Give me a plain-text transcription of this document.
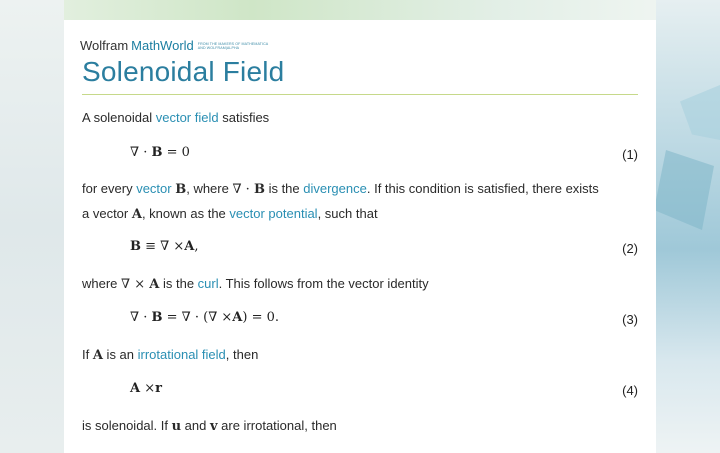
Wolfram MathWorld FROM THE MAKERS OF MATHEMATICA
AND WOLFRAM|ALPHA
Solenoidal Field
A solenoidal vector field satisfies
∇ · B = 0	(1)
for every vector B, where ∇ · B is the divergence. If this condition is satisfied, there exists
a vector A, known as the vector potential, such that
B ≡ ∇ ×A,	(2)
where ∇ × A is the curl. This follows from the vector identity
∇ · B = ∇ · (∇ ×A) = 0.	(3)
If A is an irrotational field, then
A ×r	(4)
is solenoidal. If u and v are irrotational, then
